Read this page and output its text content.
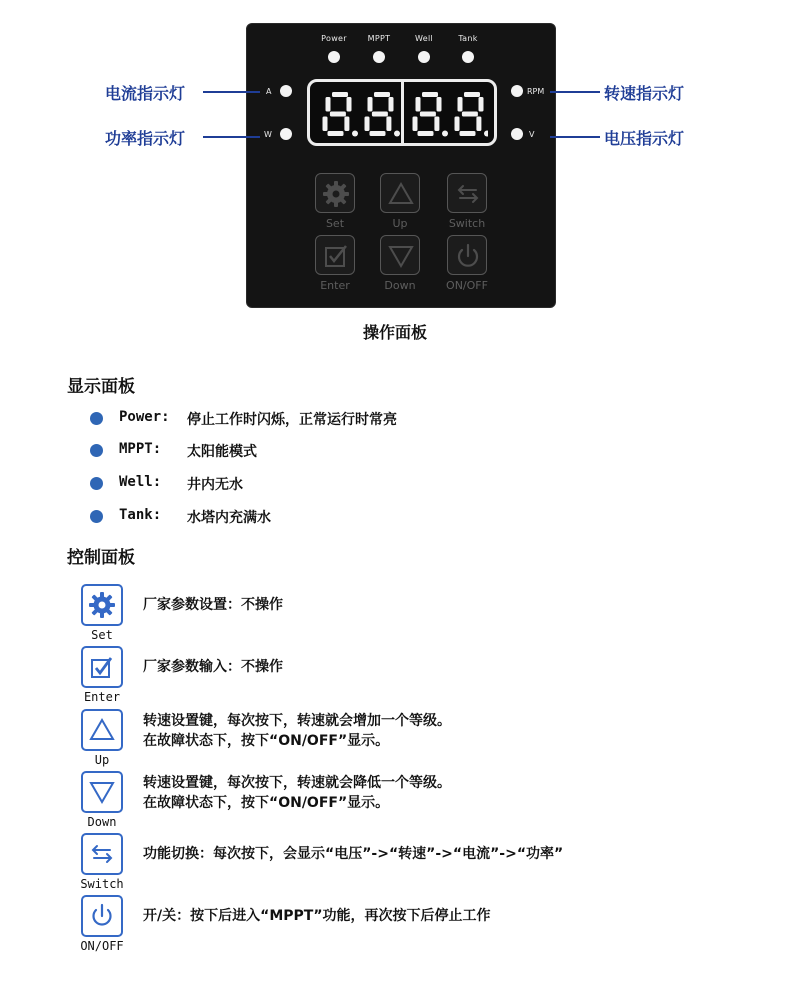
Power	MPPT	Well	Tank
A
W
RPM
V
Set	Up	Switch
Enter	Down	ON/OFF
电流指示灯
功率指示灯
转速指示灯
电压指示灯
操作面板
显示面板
Power: 停止工作时闪烁，正常运行时常亮
MPPT: 太阳能模式
Well: 井内无水
Tank: 水塔内充满水
控制面板
Set
厂家参数设置：不操作
Enter
厂家参数输入：不操作
Up
转速设置键，每次按下，转速就会增加一个等级。
在故障状态下，按下“ON/OFF”显示。
Down
转速设置键，每次按下，转速就会降低一个等级。
在故障状态下，按下“ON/OFF”显示。
Switch
功能切换：每次按下，会显示“电压”->“转速”->“电流”->“功率”
ON/OFF
开/关：按下后进入“MPPT”功能，再次按下后停止工作
